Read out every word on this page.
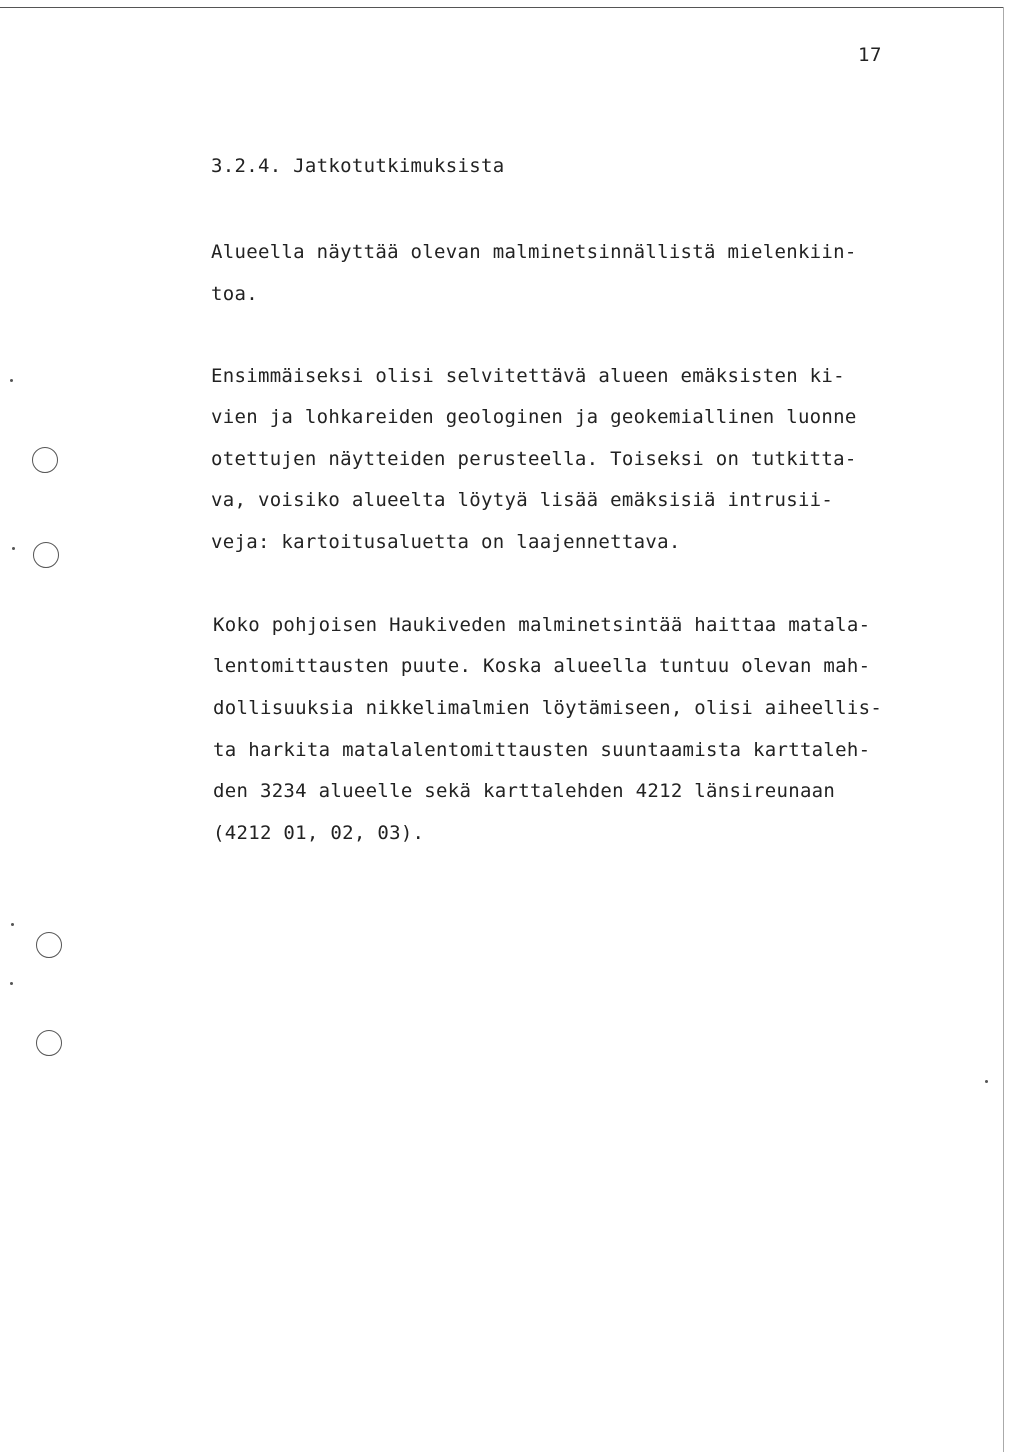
17
3.2.4. Jatkotutkimuksista
Alueella näyttää olevan malminetsinnällistä mielenkiin-
toa.
Ensimmäiseksi olisi selvitettävä alueen emäksisten ki-
vien ja lohkareiden geologinen ja geokemiallinen luonne
otettujen näytteiden perusteella. Toiseksi on tutkitta-
va, voisiko alueelta löytyä lisää emäksisiä intrusii-
veja: kartoitusaluetta on laajennettava.
Koko pohjoisen Haukiveden malminetsintää haittaa matala-
lentomittausten puute. Koska alueella tuntuu olevan mah-
dollisuuksia nikkelimalmien löytämiseen, olisi aiheellis-
ta harkita matalalentomittausten suuntaamista karttaleh-
den 3234 alueelle sekä karttalehden 4212 länsireunaan
(4212 01, 02, 03).
